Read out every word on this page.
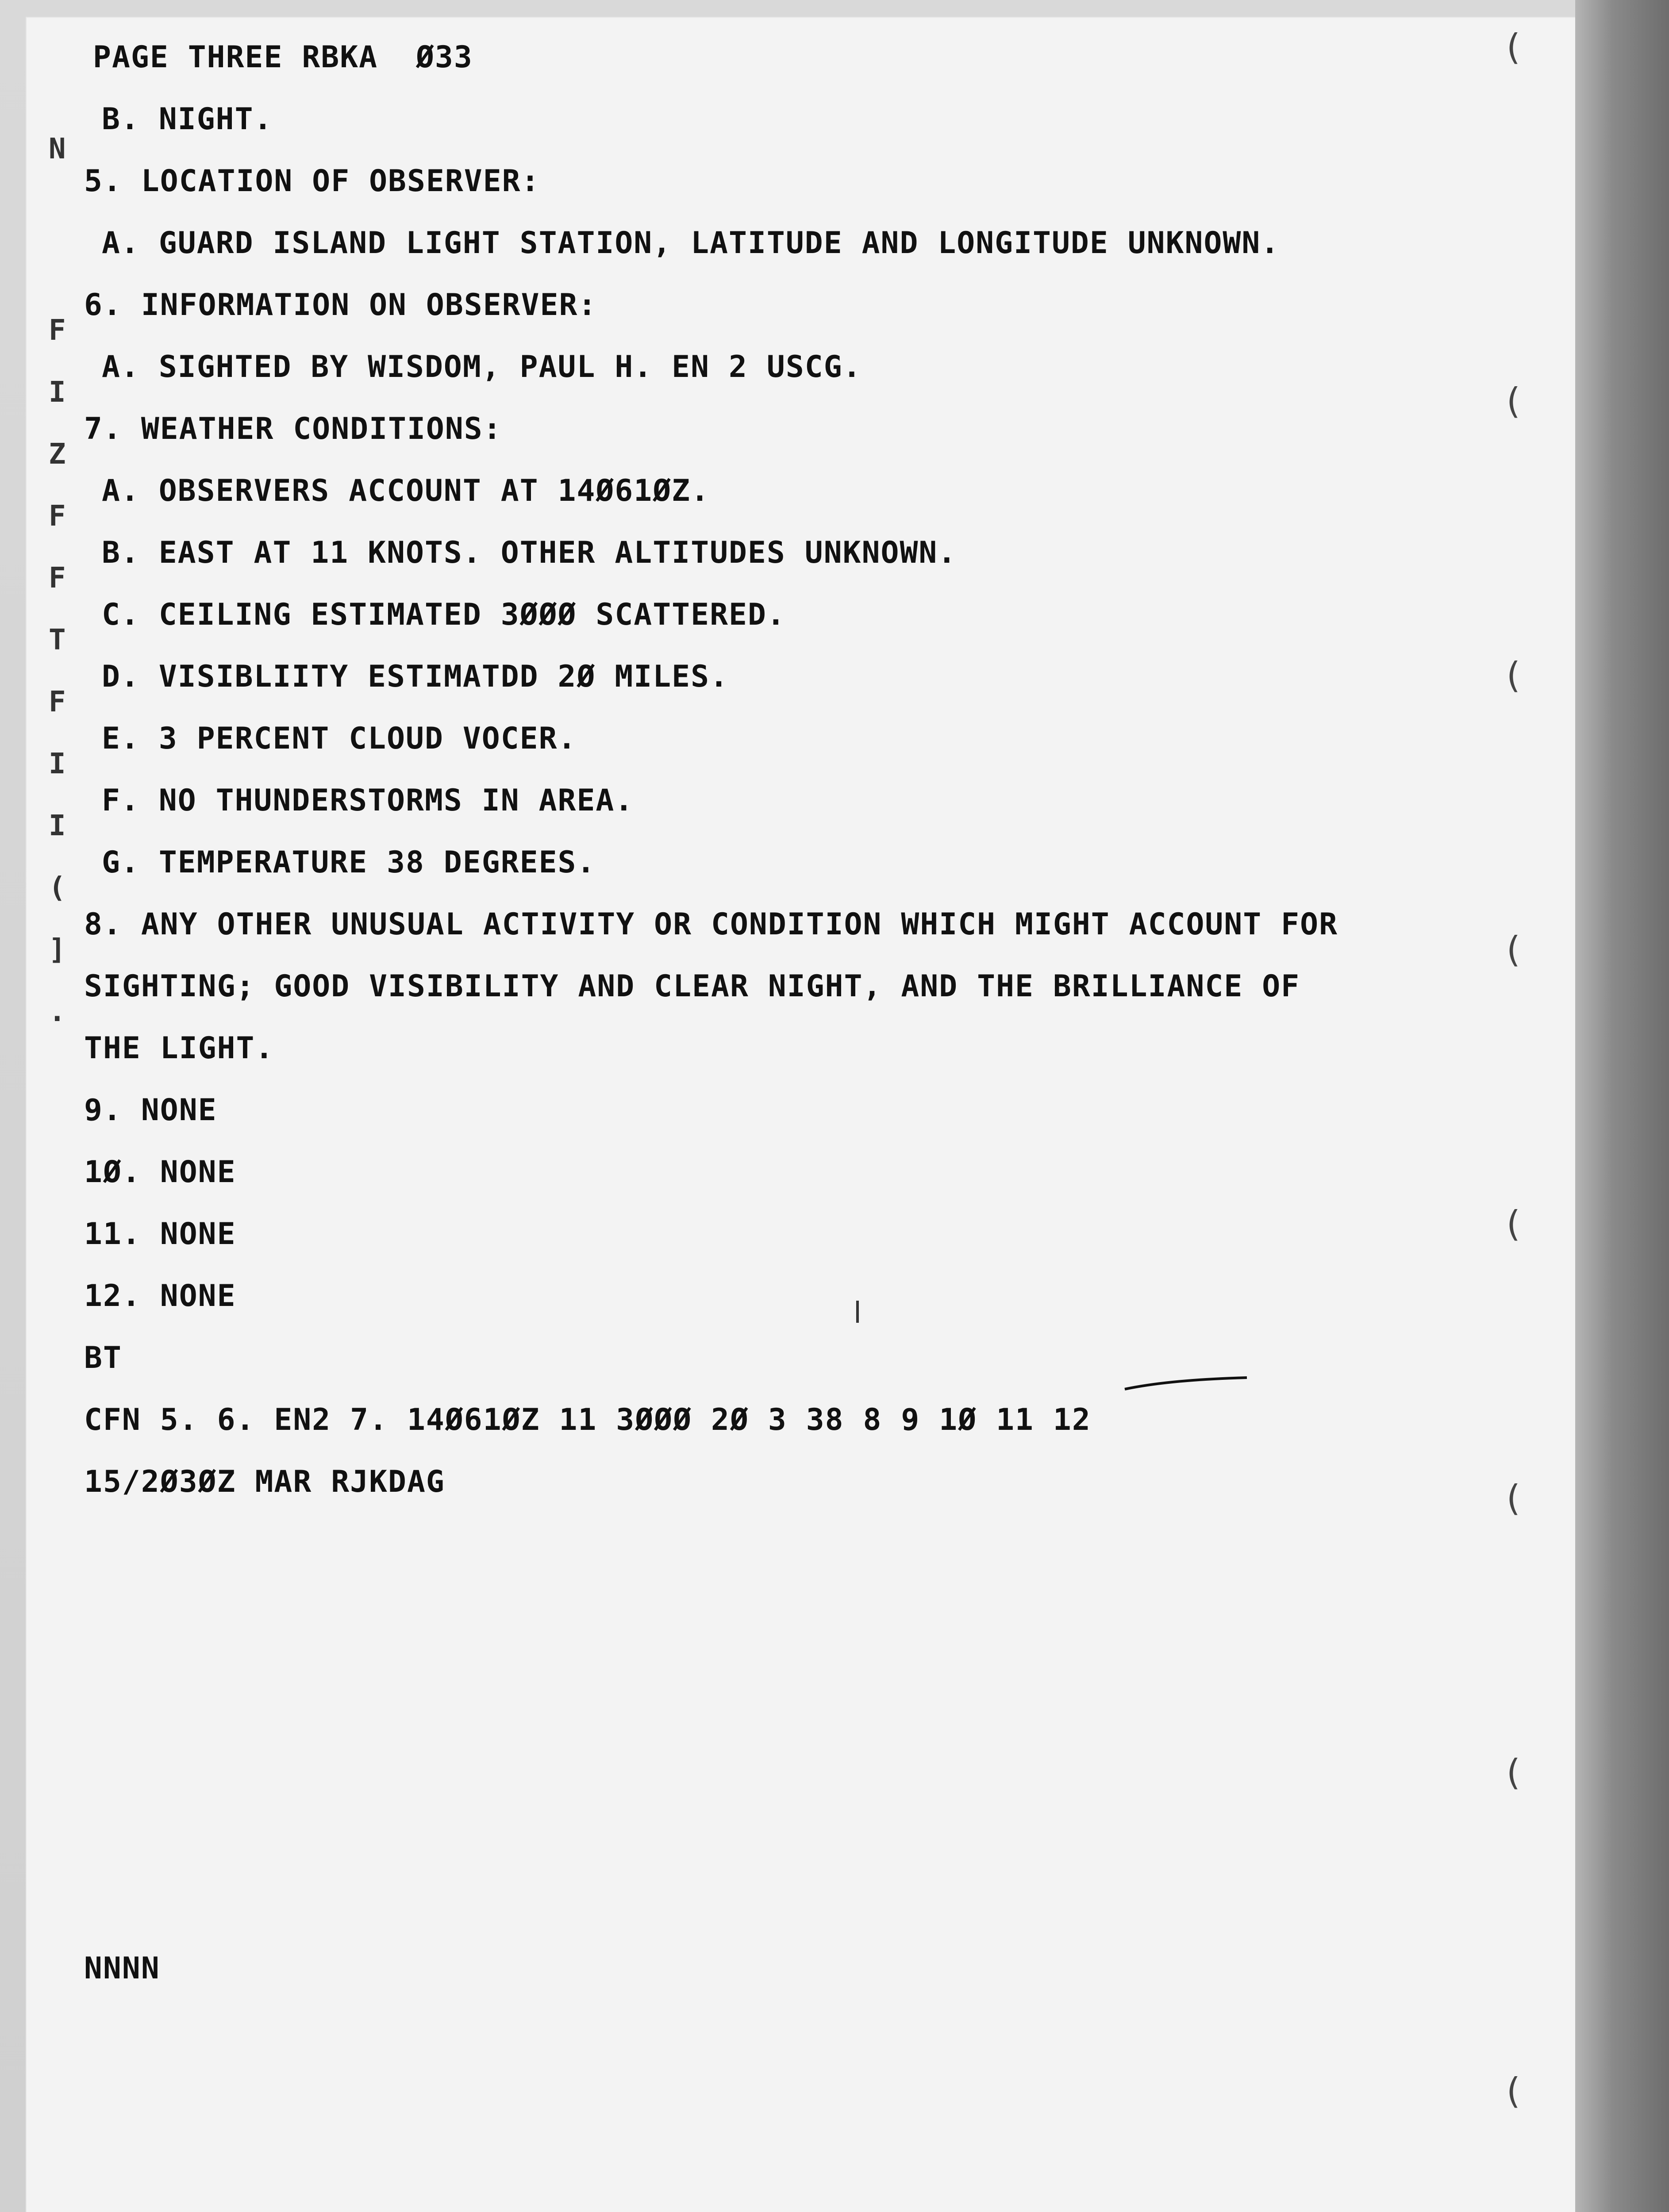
N
F
I
Z
F
F
T
F
I
I
(
]
.
(
(
(
(
(
(
(
(
PAGE THREE RBKA  Ø33
B. NIGHT.
5. LOCATION OF OBSERVER:
A. GUARD ISLAND LIGHT STATION, LATITUDE AND LONGITUDE UNKNOWN.
6. INFORMATION ON OBSERVER:
A. SIGHTED BY WISDOM, PAUL H. EN 2 USCG.
7. WEATHER CONDITIONS:
A. OBSERVERS ACCOUNT AT 14Ø61ØZ.
B. EAST AT 11 KNOTS. OTHER ALTITUDES UNKNOWN.
C. CEILING ESTIMATED 3ØØØ SCATTERED.
D. VISIBLIITY ESTIMATDD 2Ø MILES.
E. 3 PERCENT CLOUD VOCER.
F. NO THUNDERSTORMS IN AREA.
G. TEMPERATURE 38 DEGREES.
8. ANY OTHER UNUSUAL ACTIVITY OR CONDITION WHICH MIGHT ACCOUNT FOR
SIGHTING; GOOD VISIBILITY AND CLEAR NIGHT, AND THE BRILLIANCE OF
THE LIGHT.
9. NONE
1Ø. NONE
11. NONE
12. NONE
BT
CFN 5. 6. EN2 7. 14Ø61ØZ 11 3ØØØ 2Ø 3 38 8 9 1Ø 11 12
15/2Ø3ØZ MAR RJKDAG
NNNN
